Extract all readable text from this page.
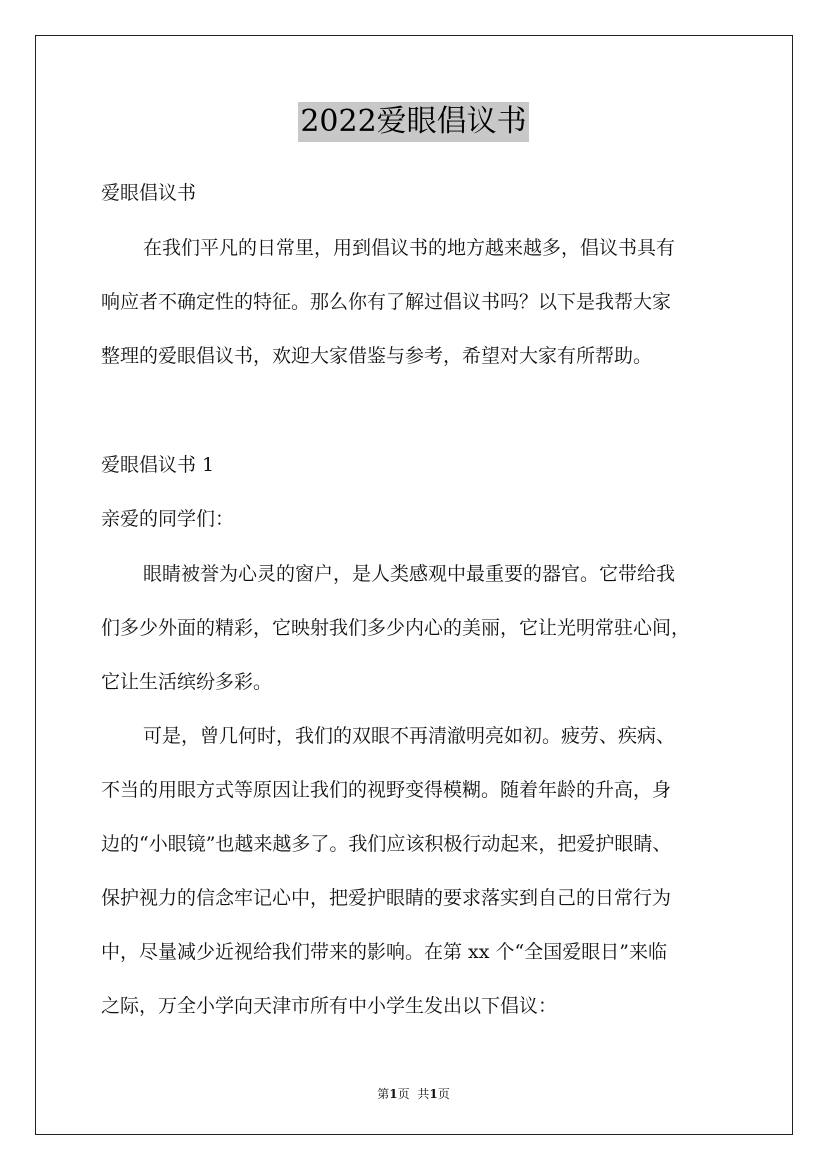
2022爱眼倡议书
爱眼倡议书
在我们平凡的日常里，用到倡议书的地方越来越多，倡议书具有
响应者不确定性的特征。那么你有了解过倡议书吗？以下是我帮大家
整理的爱眼倡议书，欢迎大家借鉴与参考，希望对大家有所帮助。
爱眼倡议书 1
亲爱的同学们：
眼睛被誉为心灵的窗户，是人类感观中最重要的器官。它带给我
们多少外面的精彩，它映射我们多少内心的美丽，它让光明常驻心间，
它让生活缤纷多彩。
可是，曾几何时，我们的双眼不再清澈明亮如初。疲劳、疾病、
不当的用眼方式等原因让我们的视野变得模糊。随着年龄的升高，身
边的“小眼镜”也越来越多了。我们应该积极行动起来，把爱护眼睛、
保护视力的信念牢记心中，把爱护眼睛的要求落实到自己的日常行为
中，尽量减少近视给我们带来的影响。在第 xx 个“全国爱眼日”来临
之际，万全小学向天津市所有中小学生发出以下倡议：
第1页 共1页
